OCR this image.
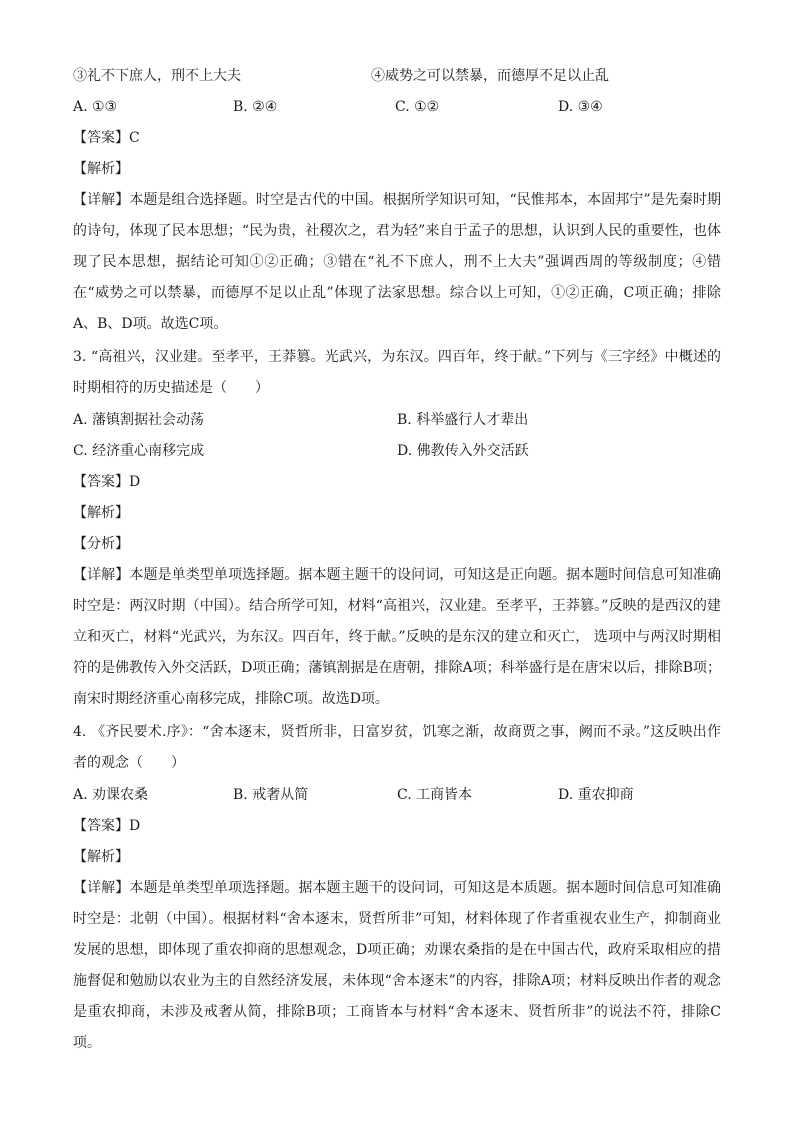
③礼不下庶人，刑不上大夫	④威势之可以禁暴，而德厚不足以止乱
A. ①③	B. ②④	C. ①②	D. ③④
【答案】C
【解析】
【详解】本题是组合选择题。时空是古代的中国。根据所学知识可知，“民惟邦本，本固邦宁”是先秦时期的诗句，体现了民本思想；“民为贵，社稷次之，君为轻”来自于孟子的思想，认识到人民的重要性，也体现了民本思想，据结论可知①②正确；③错在“礼不下庶人，刑不上大夫”强调西周的等级制度；④错在“威势之可以禁暴，而德厚不足以止乱”体现了法家思想。综合以上可知，①②正确，C项正确；排除A、B、D项。故选C项。
3. “高祖兴，汉业建。至孝平，王莽篡。光武兴，为东汉。四百年，终于献。”下列与《三字经》中概述的时期相符的历史描述是（　　）
A. 藩镇割据社会动荡	B. 科举盛行人才辈出
C. 经济重心南移完成	D. 佛教传入外交活跃
【答案】D
【解析】
【分析】
【详解】本题是单类型单项选择题。据本题主题干的设问词，可知这是正向题。据本题时间信息可知准确时空是：两汉时期（中国）。结合所学可知，材料“高祖兴，汉业建。至孝平，王莽篡。”反映的是西汉的建立和灭亡，材料“光武兴，为东汉。四百年，终于献。”反映的是东汉的建立和灭亡， 选项中与两汉时期相符的是佛教传入外交活跃，D项正确；藩镇割据是在唐朝，排除A项；科举盛行是在唐宋以后，排除B项；南宋时期经济重心南移完成，排除C项。故选D项。
4. 《齐民要术.序》：“舍本逐末，贤哲所非，日富岁贫，饥寒之渐，故商贾之事，阙而不录。”这反映出作者的观念（　　）
A. 劝课农桑	B. 戒奢从简	C. 工商皆本	D. 重农抑商
【答案】D
【解析】
【详解】本题是单类型单项选择题。据本题主题干的设问词，可知这是本质题。据本题时间信息可知准确时空是：北朝（中国）。根据材料“舍本逐末，贤哲所非”可知，材料体现了作者重视农业生产，抑制商业发展的思想，即体现了重农抑商的思想观念，D项正确；劝课农桑指的是在中国古代，政府采取相应的措施督促和勉励以农业为主的自然经济发展，未体现“舍本逐末”的内容，排除A项；材料反映出作者的观念是重农抑商，未涉及戒奢从简，排除B项；工商皆本与材料“舍本逐末、贤哲所非”的说法不符，排除C项。
